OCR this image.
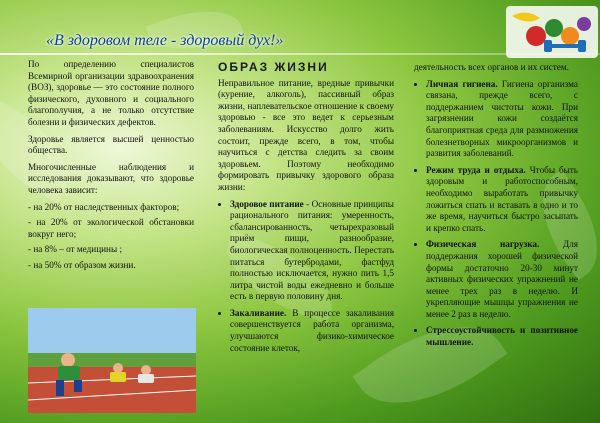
«В здоровом теле - здоровый дух!»

По определению специалистов Всемирной организации здравоохранения (ВОЗ), здоровье — это состояние полного физического, духовного и социального благополучия, а не только отсутствие болезни и физических дефектов.

Здоровье является высшей ценностью общества.

Многочисленные наблюдения и исследования доказывают, что здоровье человека зависит:

- на 20% от наследственных факторов;
- на 20% от экологической обстановки вокруг него;
- на 8% – от медицины ;
- на 50% от образом жизни.
ОБРАЗ ЖИЗНИ

Неправильное питание, вредные привычки (курение, алкоголь), пассивный образ жизни, наплевательское отношение к своему здоровью - все это ведет к серьезным заболеваниям. Искусство долго жить состоит, прежде всего, в том, чтобы научиться с детства следить за своим здоровьем. Поэтому необходимо формировать привычку здорового образа жизни:

• Здоровое питание - Основные принципы рационального питания: умеренность, сбалансированность, четырехразовый приём пищи, разнообразие, биологическая полноценность. Перестать питаться бутербродами, фастфуд полностью исключается, нужно пить 1,5 литра чистой воды ежедневно и больше есть в первую половину дня.
• Закаливание. В процессе закаливания совершенствуется работа организма, улучшаются физико-химическое состояние клеток,

деятельность всех органов и их систем.

• Личная гигиена. Гигиена организма связана, прежде всего, с поддержанием чистоты кожи. При загрязнении кожи создаётся благоприятная среда для размножения болезнетворных микроорганизмов и развития заболеваний.
• Режим труда и отдыха. Чтобы быть здоровым и работоспособным, необходимо выработать привычку ложиться спать и вставать в одно и то же время, научиться быстро засыпать и крепко спать.
• Физическая нагрузка. Для поддержания хорошей физической формы достаточно 20-30 минут активных физических упражнений не менее трех раз в неделю. И укрепляющие мышцы упражнения не менее 2 раз в неделю.
• Стрессоустойчивость и позитивное мышление.
